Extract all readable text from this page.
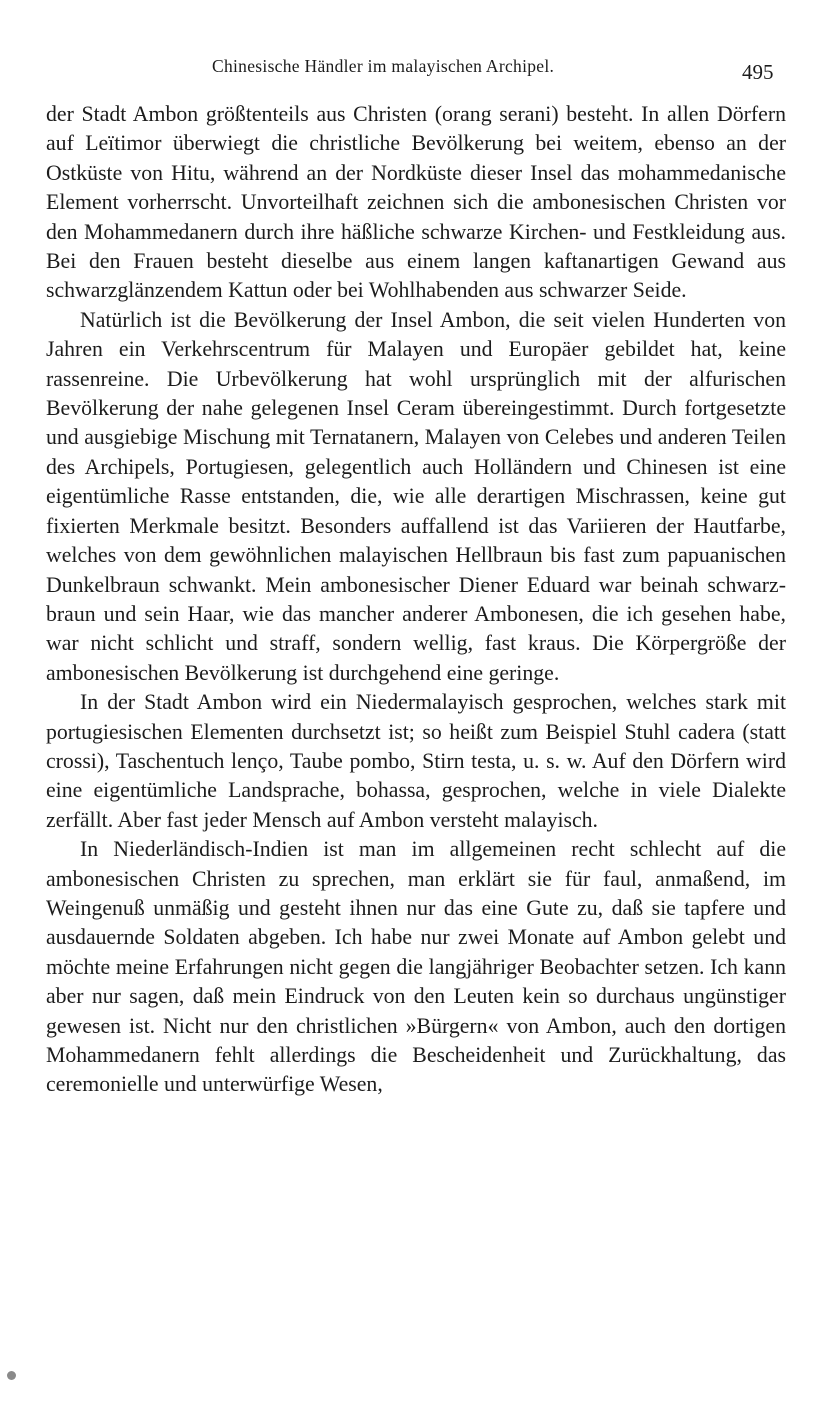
Chinesische Händler im malayischen Archipel.	495

der Stadt Ambon größtenteils aus Christen (orang serani) besteht. In allen Dörfern auf Leïtimor überwiegt die christliche Bevölkerung bei weitem, ebenso an der Ostküste von Hitu, während an der Nordküste dieser Insel das mohammedanische Element vorherrscht. Unvorteilhaft zeichnen sich die ambonesischen Christen vor den Mohammedanern durch ihre häßliche schwarze Kirchen- und Festkleidung aus. Bei den Frauen besteht dieselbe aus einem langen kaftanartigen Gewand aus schwarzglänzendem Kattun oder bei Wohlhabenden aus schwarzer Seide.

Natürlich ist die Bevölkerung der Insel Ambon, die seit vielen Hunderten von Jahren ein Verkehrscentrum für Malayen und Europäer gebildet hat, keine rassenreine. Die Urbevölkerung hat wohl ursprünglich mit der alfurischen Bevölkerung der nahe gelegenen Insel Ceram übereingestimmt. Durch fortgesetzte und ausgiebige Mischung mit Ternatanern, Malayen von Celebes und anderen Teilen des Archipels, Portugiesen, gelegentlich auch Holländern und Chinesen ist eine eigentümliche Rasse entstanden, die, wie alle derartigen Mischrassen, keine gut fixierten Merkmale besitzt. Besonders auffallend ist das Variieren der Hautfarbe, welches von dem gewöhnlichen malayischen Hellbraun bis fast zum papuanischen Dunkelbraun schwankt. Mein ambonesischer Diener Eduard war beinah schwarzbraun und sein Haar, wie das mancher anderer Ambonesen, die ich gesehen habe, war nicht schlicht und straff, sondern wellig, fast kraus. Die Körpergröße der ambonesischen Bevölkerung ist durchgehend eine geringe.

In der Stadt Ambon wird ein Niedermalayisch gesprochen, welches stark mit portugiesischen Elementen durchsetzt ist; so heißt zum Beispiel Stuhl cadera (statt crossi), Taschentuch lenço, Taube pombo, Stirn testa, u. s. w. Auf den Dörfern wird eine eigentümliche Landsprache, bohassa, gesprochen, welche in viele Dialekte zerfällt. Aber fast jeder Mensch auf Ambon versteht malayisch.

In Niederländisch-Indien ist man im allgemeinen recht schlecht auf die ambonesischen Christen zu sprechen, man erklärt sie für faul, anmaßend, im Weingenuß unmäßig und gesteht ihnen nur das eine Gute zu, daß sie tapfere und ausdauernde Soldaten abgeben. Ich habe nur zwei Monate auf Ambon gelebt und möchte meine Erfahrungen nicht gegen die langjähriger Beobachter setzen. Ich kann aber nur sagen, daß mein Eindruck von den Leuten kein so durchaus ungünstiger gewesen ist. Nicht nur den christlichen »Bürgern« von Ambon, auch den dortigen Mohammedanern fehlt allerdings die Bescheidenheit und Zurückhaltung, das ceremonielle und unterwürfige Wesen,
